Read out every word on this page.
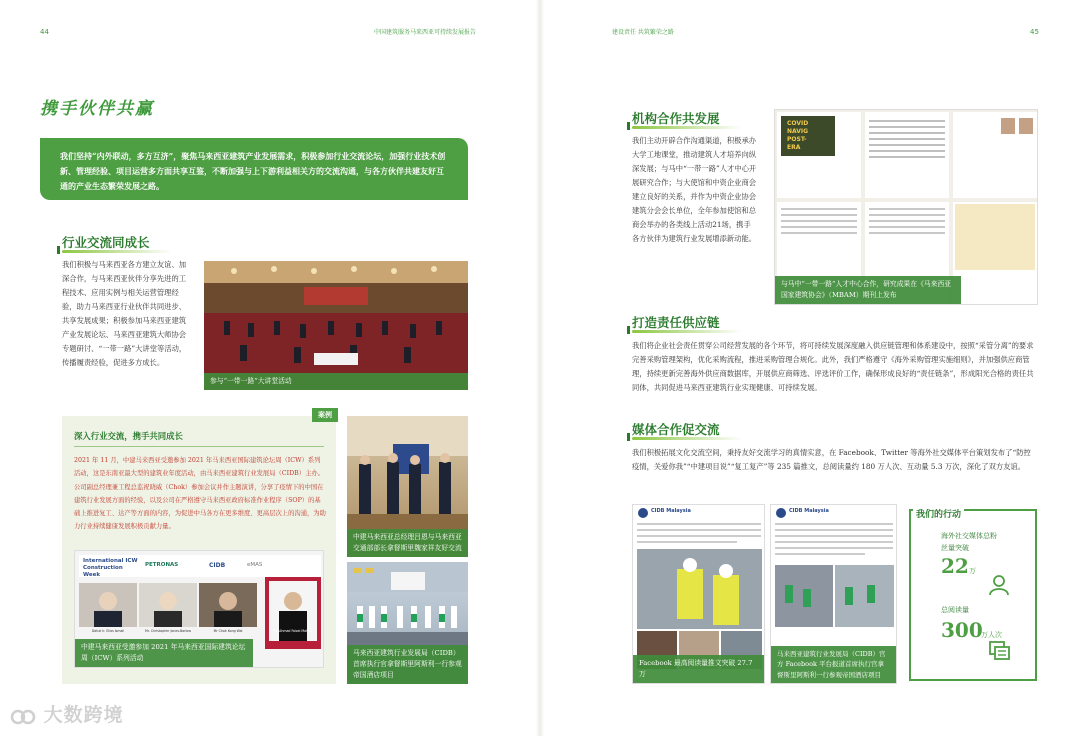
44	中国建筑服务马来西亚可持续发展报告	建设责任 共筑繁荣之路	45
携手伙伴共赢
我们坚持“内外联动，多方互济”，聚焦马来西亚建筑产业发展需求，积极参加行业交流论坛，加强行业技术创新、管理经验、项目运营多方面共享互鉴，不断加强与上下游利益相关方的交流沟通，与各方伙伴共建友好互通的产业生态繁荣发展之路。
行业交流同成长
我们积极与马来西亚各方建立友谊、加深合作，与马来西亚伙伴分享先进的工程技术、应用实例与相关运营管理经验，助力马来西亚行业伙伴共同进步、共享发展成果；积极参加马来西亚建筑产业发展论坛、马来西亚建筑大师协会专题研讨、“一带一路”大讲堂等活动，传播履责经验，促进多方成长。
参与“一带一路”大讲堂活动
案例
深入行业交流，携手共同成长
2021 年 11 月，中建马来西亚受邀参加 2021 年马来西亚国际建筑论坛周（ICW）系列活动，这是东南亚最大型的建筑业年度活动，由马来西亚建筑行业发展局（CIDB）主办。公司副总经理兼工程总监祝晓威（Chok）参加会议并作主题演讲，分享了疫情下的中国在建筑行业发展方面的经验，以及公司在严格遵守马来西亚政府标准作业程序（SOP）的基础上推进复工、达产等方面的内容，为促进中马各方在更多维度、更高层次上的沟通，为助力行业持续健康发展积极贡献力量。
International ICW Construction Week
PETRONAS	CIDB	eMAS
Datuk Ir. Elias Ismail	Mr. Christopher Jones-Barlow	Mr Chok Kong Wai	Mr. Ahmad Faizal Mahtar
中建马来西亚受邀参加 2021 年马来西亚国际建筑论坛周（ICW）系列活动
中建马来西亚总经理吕恩与马来西亚交通部部长拿督斯里魏家祥友好交流
马来西亚建筑行业发展局（CIDB）首席执行官拿督斯里阿斯利一行参观帝国酒店项目
机构合作共发展
我们主动开辟合作沟通渠道，积极承办大学工地课堂，推动建筑人才培养向纵深发展；与马中“一带一路”人才中心开展研究合作；与大使馆和中资企业商会建立良好的关系，并作为中资企业协会建筑分会会长单位，全年参加使馆和总商会举办的各类线上活动21场，携手各方伙伴为建筑行业发展增添新动能。
COVID
NAVIG
POST-
ERA
与马中“一带一路”人才中心合作，研究成果在《马来西亚国家建筑协会》（MBAM）期刊上发布
打造责任供应链
我们将企业社会责任贯穿公司经营发展的各个环节，将可持续发展深度融入供应链管理和体系建设中，按照“采管分离”的要求完善采购管理架构，优化采购流程，推进采购管理合规化。此外，我们严格遵守《海外采购管理实施细则》，并加强供应商管理，持续更新完善海外供应商数据库，开展供应商筛选、评选评价工作，确保形成良好的“责任链条”，形成阳光合格的责任共同体，共同促进马来西亚建筑行业实现健康、可持续发展。
媒体合作促交流
我们积极拓展文化交流空间，秉持友好交流学习的真情实意，在 Facebook、Twitter 等海外社交媒体平台策划发布了“防控疫情，关爱你我”“中建项目说”“复工复产”等 235 篇推文，总阅读量约 180 万人次、互动量 5.3 万次，深化了双方友谊。
CIDB Malaysia
Facebook 最高阅读量推文突破 27.7 万
CIDB Malaysia
马来西亚建筑行业发展局（CIDB）官方 Facebook 平台报道首席执行官拿督斯里阿斯利一行参观帝国酒店项目
我们的行动
海外社交媒体总粉丝量突破
22 万
总阅读量
300
万人次
大数跨境
